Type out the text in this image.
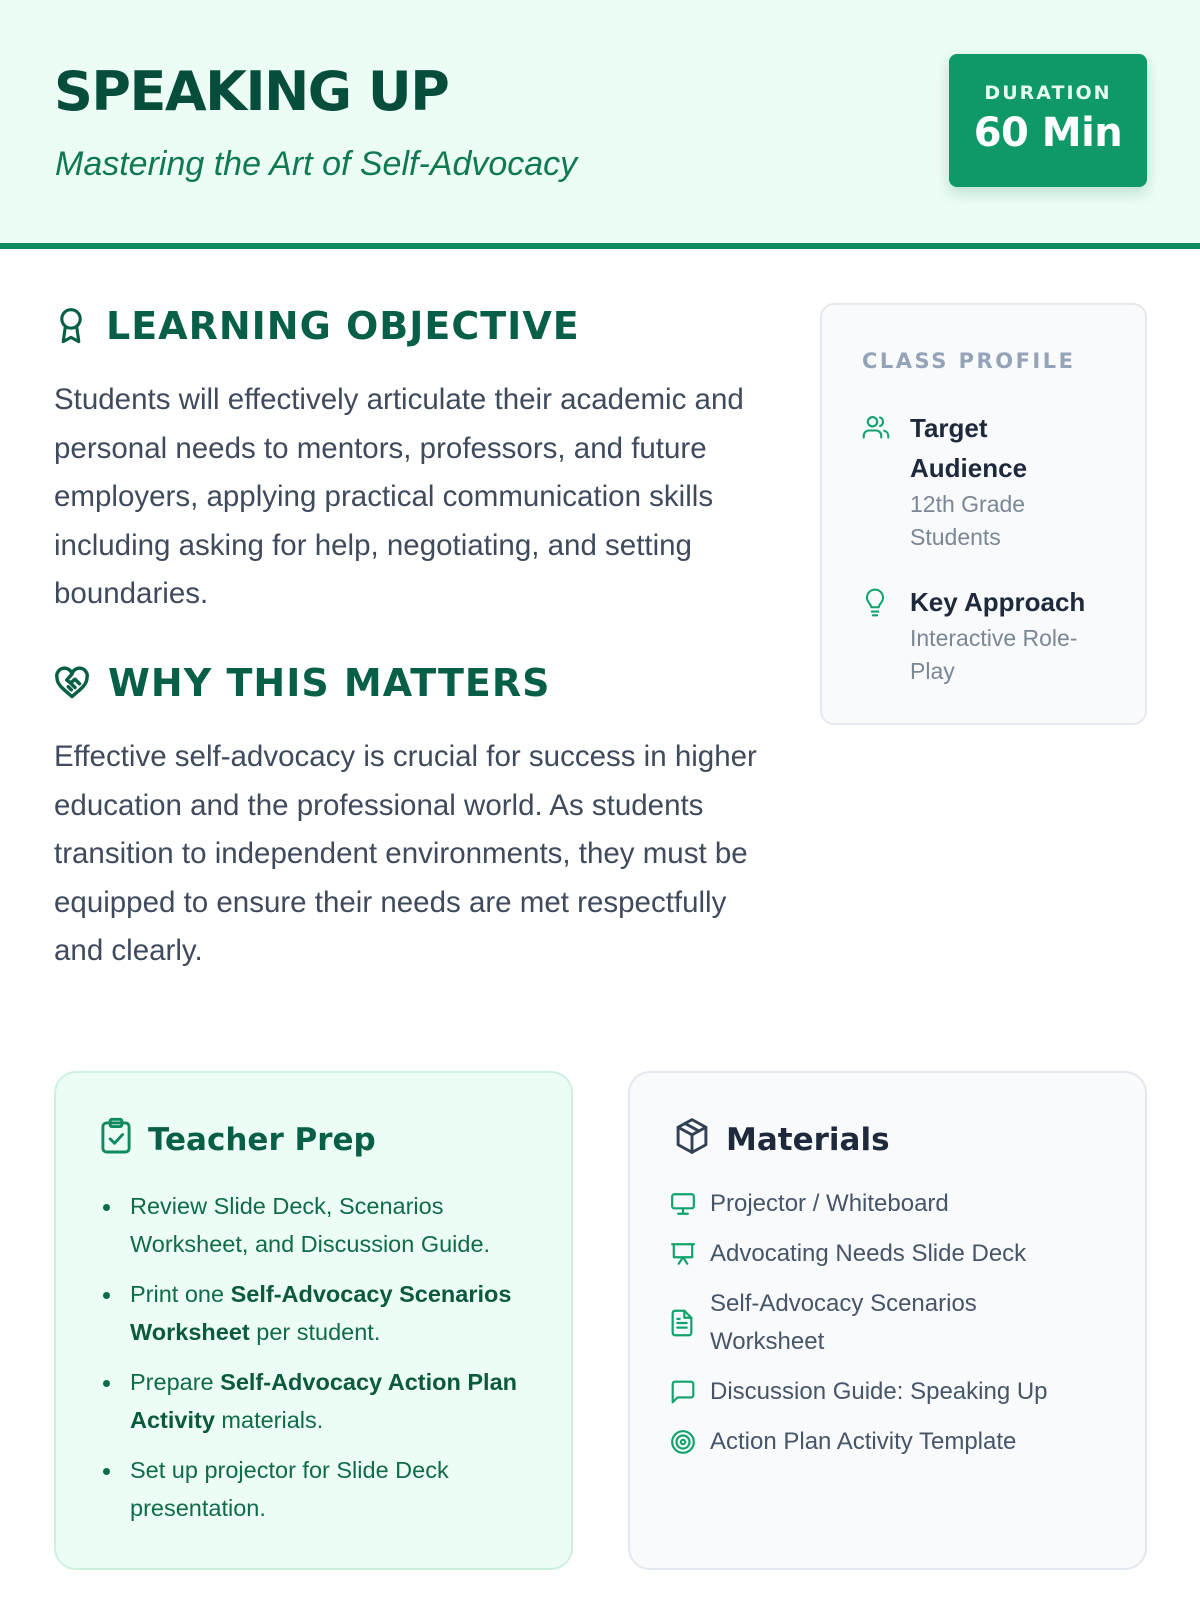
SPEAKING UP
Mastering the Art of Self-Advocacy
DURATION
60 Min
LEARNING OBJECTIVE
Students will effectively articulate their academic and personal needs to mentors, professors, and future employers, applying practical communication skills including asking for help, negotiating, and setting boundaries.
WHY THIS MATTERS
Effective self-advocacy is crucial for success in higher education and the professional world. As students transition to independent environments, they must be equipped to ensure their needs are met respectfully and clearly.
CLASS PROFILE
Target Audience
12th Grade Students
Key Approach
Interactive Role-Play
Teacher Prep
Review Slide Deck, Scenarios Worksheet, and Discussion Guide.
Print one Self-Advocacy Scenarios Worksheet per student.
Prepare Self-Advocacy Action Plan Activity materials.
Set up projector for Slide Deck presentation.
Materials
Projector / Whiteboard
Advocating Needs Slide Deck
Self-Advocacy Scenarios Worksheet
Discussion Guide: Speaking Up
Action Plan Activity Template
